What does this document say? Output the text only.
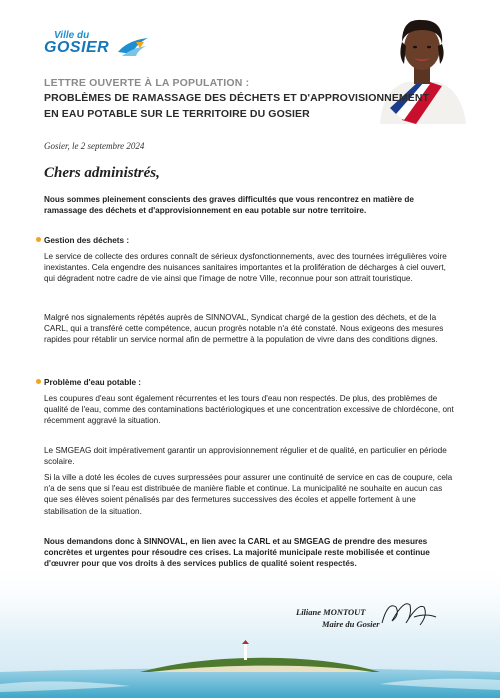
Ville du
GOSIER
LETTRE OUVERTE À LA POPULATION :
PROBLÈMES DE RAMASSAGE DES DÉCHETS ET D'APPROVISIONNEMENT
EN EAU POTABLE SUR LE TERRITOIRE DU GOSIER
Gosier, le 2 septembre 2024
Chers administrés,

Nous sommes pleinement conscients des graves difficultés que vous rencontrez en matière de ramassage des déchets et d'approvisionnement en eau potable sur notre territoire.

Gestion des déchets :

Le service de collecte des ordures connaît de sérieux dysfonctionnements, avec des tournées irrégulières voire inexistantes. Cela engendre des nuisances sanitaires importantes et la prolifération de décharges à ciel ouvert, qui dégradent notre cadre de vie ainsi que l'image de notre Ville, reconnue pour son attrait touristique.

Malgré nos signalements répétés auprès de SINNOVAL, Syndicat chargé de la gestion des déchets, et de la CARL, qui a transféré cette compétence, aucun progrès notable n'a été constaté. Nous exigeons des mesures rapides pour rétablir un service normal afin de permettre à la population de vivre dans des conditions dignes.

Problème d'eau potable :

Les coupures d'eau sont également récurrentes et les tours d'eau non respectés. De plus, des problèmes de qualité de l'eau, comme des contaminations bactériologiques et une concentration excessive de chlordécone, ont récemment aggravé la situation.

Le SMGEAG doit impérativement garantir un approvisionnement régulier et de qualité, en particulier en période scolaire.

Si la ville a doté les écoles de cuves surpressées pour assurer une continuité de service en cas de coupure, cela n'a de sens que si l'eau est distribuée de manière fiable et continue. La municipalité ne souhaite en aucun cas que ses élèves soient pénalisés par des fermetures successives des écoles et appelle fortement à une stabilisation de la situation.

Nous demandons donc à SINNOVAL, en lien avec la CARL et au SMGEAG de prendre des mesures concrètes et urgentes pour résoudre ces crises. La majorité municipale reste mobilisée et continue

Liliane MONTOUT
Maire du Gosier
